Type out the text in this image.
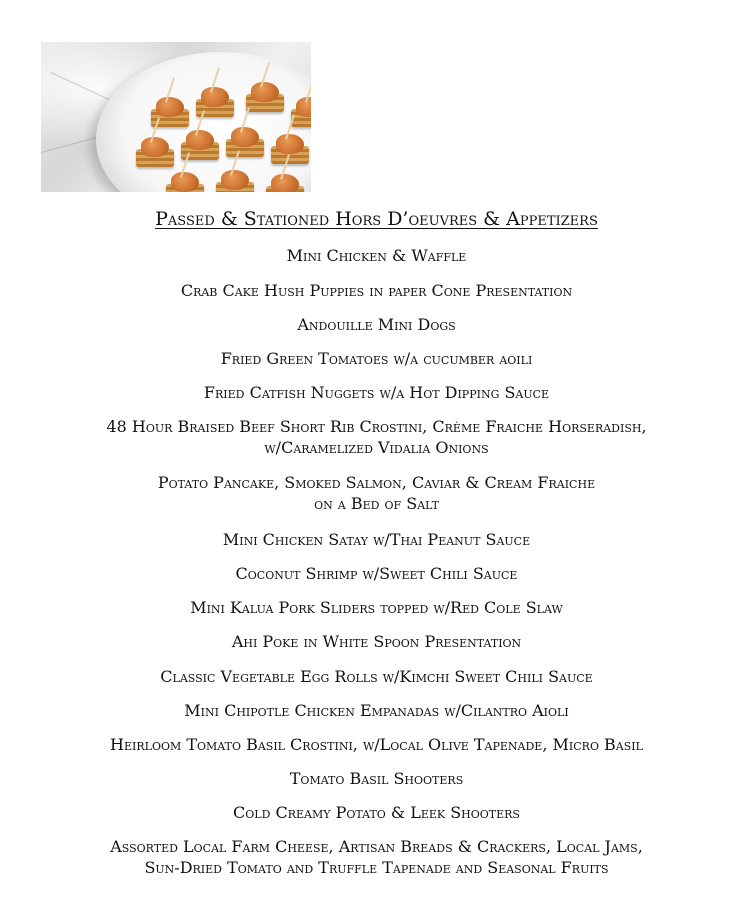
Passed & Stationed Hors D’oeuvres & Appetizers
Mini Chicken & Waffle
Crab Cake Hush Puppies in paper Cone Presentation
Andouille Mini Dogs
Fried Green Tomatoes w/a cucumber aoili
Fried Catfish Nuggets w/a Hot Dipping Sauce
48 Hour Braised Beef Short Rib Crostini, Crème Fraiche Horseradish,
w/Caramelized Vidalia Onions
Potato Pancake, Smoked Salmon, Caviar & Cream Fraiche
on a Bed of Salt
Mini Chicken Satay w/Thai Peanut Sauce
Coconut Shrimp w/Sweet Chili Sauce
Mini Kalua Pork Sliders topped w/Red Cole Slaw
Ahi Poke in White Spoon Presentation
Classic Vegetable Egg Rolls w/Kimchi Sweet Chili Sauce
Mini Chipotle Chicken Empanadas w/Cilantro Aioli
Heirloom Tomato Basil Crostini, w/Local Olive Tapenade, Micro Basil
Tomato Basil Shooters
Cold Creamy Potato & Leek Shooters
Assorted Local Farm Cheese, Artisan Breads & Crackers, Local Jams,
Sun-Dried Tomato and Truffle Tapenade and Seasonal Fruits
